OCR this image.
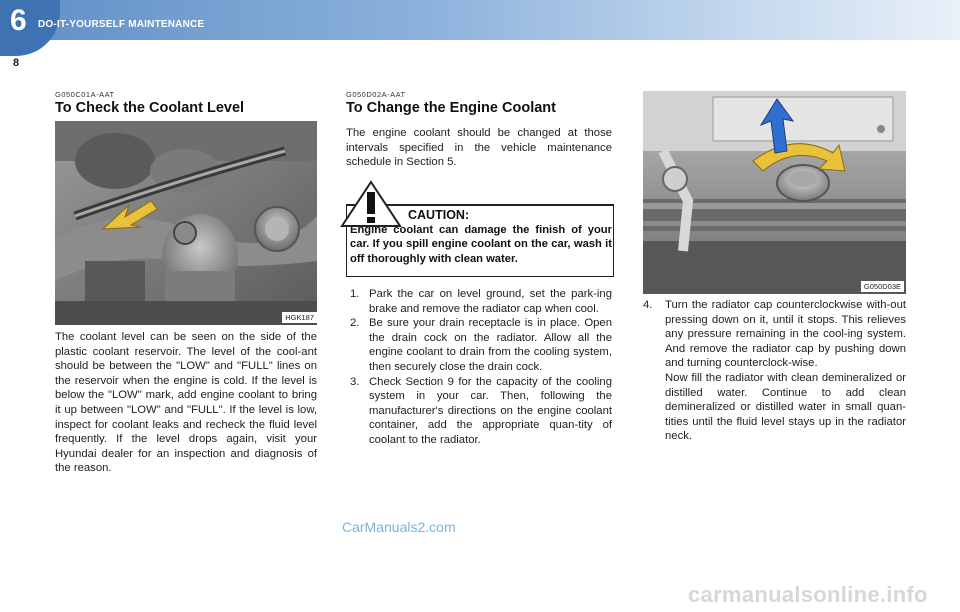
6 DO-IT-YOURSELF MAINTENANCE
8
G050C01A-AAT
To Check the Coolant Level
HGK187

The coolant level can be seen on the side of the plastic coolant reservoir. The level of the cool-ant should be between the "LOW" and "FULL" lines on the reservoir when the engine is cold. If the level is below the "LOW" mark, add engine coolant to bring it up between "LOW" and "FULL". If the level is low, inspect for coolant leaks and recheck the fluid level frequently. If the level drops again, visit your Hyundai dealer for an inspection and diagnosis of the reason.

G050D02A-AAT
To Change the Engine Coolant

The engine coolant should be changed at those intervals specified in the vehicle maintenance schedule in Section 5.

CAUTION:

Engine coolant can damage the finish of your car. If you spill engine coolant on the car, wash it off thoroughly with clean water.

1. Park the car on level ground, set the park-ing brake and remove the radiator cap when cool.
2. Be sure your drain receptacle is in place. Open the drain cock on the radiator. Allow all the engine coolant to drain from the cooling system, then securely close the drain cock.
3. Check Section 9 for the capacity of the cooling system in your car. Then, following the manufacturer's directions on the engine coolant container, add the appropriate quan-tity of coolant to the radiator.
G050D03E
4. Turn the radiator cap counterclockwise with-out pressing down on it, until it stops. This relieves any pressure remaining in the cool-ing system. And remove the radiator cap by pushing down and turning counterclock-wise.
Now fill the radiator with clean demineralized or distilled water. Continue to add clean demineralized or distilled water in small quan-tities until the fluid level stays up in the radiator neck.
CarManuals2.com
carmanualsonline.info
